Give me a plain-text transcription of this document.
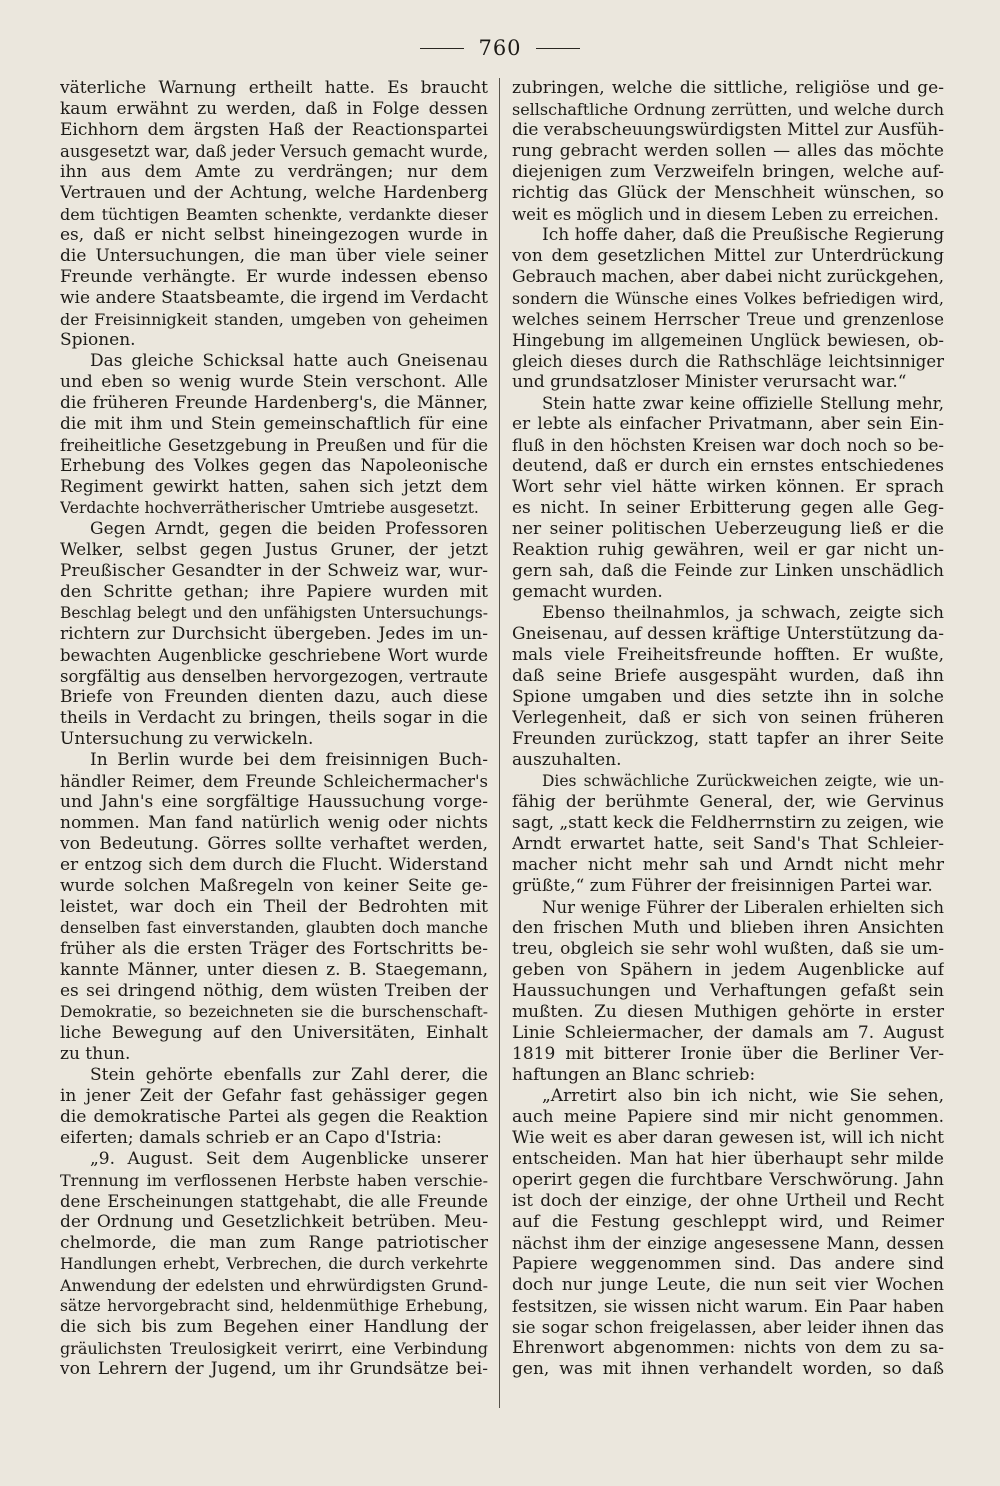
760
väterliche Warnung ertheilt hatte. Es braucht
kaum erwähnt zu werden, daß in Folge dessen
Eichhorn dem ärgsten Haß der Reactionspartei
ausgesetzt war, daß jeder Versuch gemacht wurde,
ihn aus dem Amte zu verdrängen; nur dem
Vertrauen und der Achtung, welche Hardenberg
dem tüchtigen Beamten schenkte, verdankte dieser
es, daß er nicht selbst hineingezogen wurde in
die Untersuchungen, die man über viele seiner
Freunde verhängte. Er wurde indessen ebenso
wie andere Staatsbeamte, die irgend im Verdacht
der Freisinnigkeit standen, umgeben von geheimen
Spionen.
Das gleiche Schicksal hatte auch Gneisenau
und eben so wenig wurde Stein verschont. Alle
die früheren Freunde Hardenberg's, die Männer,
die mit ihm und Stein gemeinschaftlich für eine
freiheitliche Gesetzgebung in Preußen und für die
Erhebung des Volkes gegen das Napoleonische
Regiment gewirkt hatten, sahen sich jetzt dem
Verdachte hochverrätherischer Umtriebe ausgesetzt.
Gegen Arndt, gegen die beiden Professoren
Welker, selbst gegen Justus Gruner, der jetzt
Preußischer Gesandter in der Schweiz war, wur-
den Schritte gethan; ihre Papiere wurden mit
Beschlag belegt und den unfähigsten Untersuchungs-
richtern zur Durchsicht übergeben. Jedes im un-
bewachten Augenblicke geschriebene Wort wurde
sorgfältig aus denselben hervorgezogen, vertraute
Briefe von Freunden dienten dazu, auch diese
theils in Verdacht zu bringen, theils sogar in die
Untersuchung zu verwickeln.
In Berlin wurde bei dem freisinnigen Buch-
händler Reimer, dem Freunde Schleichermacher's
und Jahn's eine sorgfältige Haussuchung vorge-
nommen. Man fand natürlich wenig oder nichts
von Bedeutung. Görres sollte verhaftet werden,
er entzog sich dem durch die Flucht. Widerstand
wurde solchen Maßregeln von keiner Seite ge-
leistet, war doch ein Theil der Bedrohten mit
denselben fast einverstanden, glaubten doch manche
früher als die ersten Träger des Fortschritts be-
kannte Männer, unter diesen z. B. Staegemann,
es sei dringend nöthig, dem wüsten Treiben der
Demokratie, so bezeichneten sie die burschenschaft-
liche Bewegung auf den Universitäten, Einhalt
zu thun.
Stein gehörte ebenfalls zur Zahl derer, die
in jener Zeit der Gefahr fast gehässiger gegen
die demokratische Partei als gegen die Reaktion
eiferten; damals schrieb er an Capo d'Istria:
„9. August. Seit dem Augenblicke unserer
Trennung im verflossenen Herbste haben verschie-
dene Erscheinungen stattgehabt, die alle Freunde
der Ordnung und Gesetzlichkeit betrüben. Meu-
chelmorde, die man zum Range patriotischer
Handlungen erhebt, Verbrechen, die durch verkehrte
Anwendung der edelsten und ehrwürdigsten Grund-
sätze hervorgebracht sind, heldenmüthige Erhebung,
die sich bis zum Begehen einer Handlung der
gräulichsten Treulosigkeit verirrt, eine Verbindung
von Lehrern der Jugend, um ihr Grundsätze bei-
zubringen, welche die sittliche, religiöse und ge-
sellschaftliche Ordnung zerrütten, und welche durch
die verabscheuungswürdigsten Mittel zur Ausfüh-
rung gebracht werden sollen — alles das möchte
diejenigen zum Verzweifeln bringen, welche auf-
richtig das Glück der Menschheit wünschen, so
weit es möglich und in diesem Leben zu erreichen.
Ich hoffe daher, daß die Preußische Regierung
von dem gesetzlichen Mittel zur Unterdrückung
Gebrauch machen, aber dabei nicht zurückgehen,
sondern die Wünsche eines Volkes befriedigen wird,
welches seinem Herrscher Treue und grenzenlose
Hingebung im allgemeinen Unglück bewiesen, ob-
gleich dieses durch die Rathschläge leichtsinniger
und grundsatzloser Minister verursacht war.“
Stein hatte zwar keine offizielle Stellung mehr,
er lebte als einfacher Privatmann, aber sein Ein-
fluß in den höchsten Kreisen war doch noch so be-
deutend, daß er durch ein ernstes entschiedenes
Wort sehr viel hätte wirken können. Er sprach
es nicht. In seiner Erbitterung gegen alle Geg-
ner seiner politischen Ueberzeugung ließ er die
Reaktion ruhig gewähren, weil er gar nicht un-
gern sah, daß die Feinde zur Linken unschädlich
gemacht wurden.
Ebenso theilnahmlos, ja schwach, zeigte sich
Gneisenau, auf dessen kräftige Unterstützung da-
mals viele Freiheitsfreunde hofften. Er wußte,
daß seine Briefe ausgespäht wurden, daß ihn
Spione umgaben und dies setzte ihn in solche
Verlegenheit, daß er sich von seinen früheren
Freunden zurückzog, statt tapfer an ihrer Seite
auszuhalten.
Dies schwächliche Zurückweichen zeigte, wie un-
fähig der berühmte General, der, wie Gervinus
sagt, „statt keck die Feldherrnstirn zu zeigen, wie
Arndt erwartet hatte, seit Sand's That Schleier-
macher nicht mehr sah und Arndt nicht mehr
grüßte,“ zum Führer der freisinnigen Partei war.
Nur wenige Führer der Liberalen erhielten sich
den frischen Muth und blieben ihren Ansichten
treu, obgleich sie sehr wohl wußten, daß sie um-
geben von Spähern in jedem Augenblicke auf
Haussuchungen und Verhaftungen gefaßt sein
mußten. Zu diesen Muthigen gehörte in erster
Linie Schleiermacher, der damals am 7. August
1819 mit bitterer Ironie über die Berliner Ver-
haftungen an Blanc schrieb:
„Arretirt also bin ich nicht, wie Sie sehen,
auch meine Papiere sind mir nicht genommen.
Wie weit es aber daran gewesen ist, will ich nicht
entscheiden. Man hat hier überhaupt sehr milde
operirt gegen die furchtbare Verschwörung. Jahn
ist doch der einzige, der ohne Urtheil und Recht
auf die Festung geschleppt wird, und Reimer
nächst ihm der einzige angesessene Mann, dessen
Papiere weggenommen sind. Das andere sind
doch nur junge Leute, die nun seit vier Wochen
festsitzen, sie wissen nicht warum. Ein Paar haben
sie sogar schon freigelassen, aber leider ihnen das
Ehrenwort abgenommen: nichts von dem zu sa-
gen, was mit ihnen verhandelt worden, so daß
